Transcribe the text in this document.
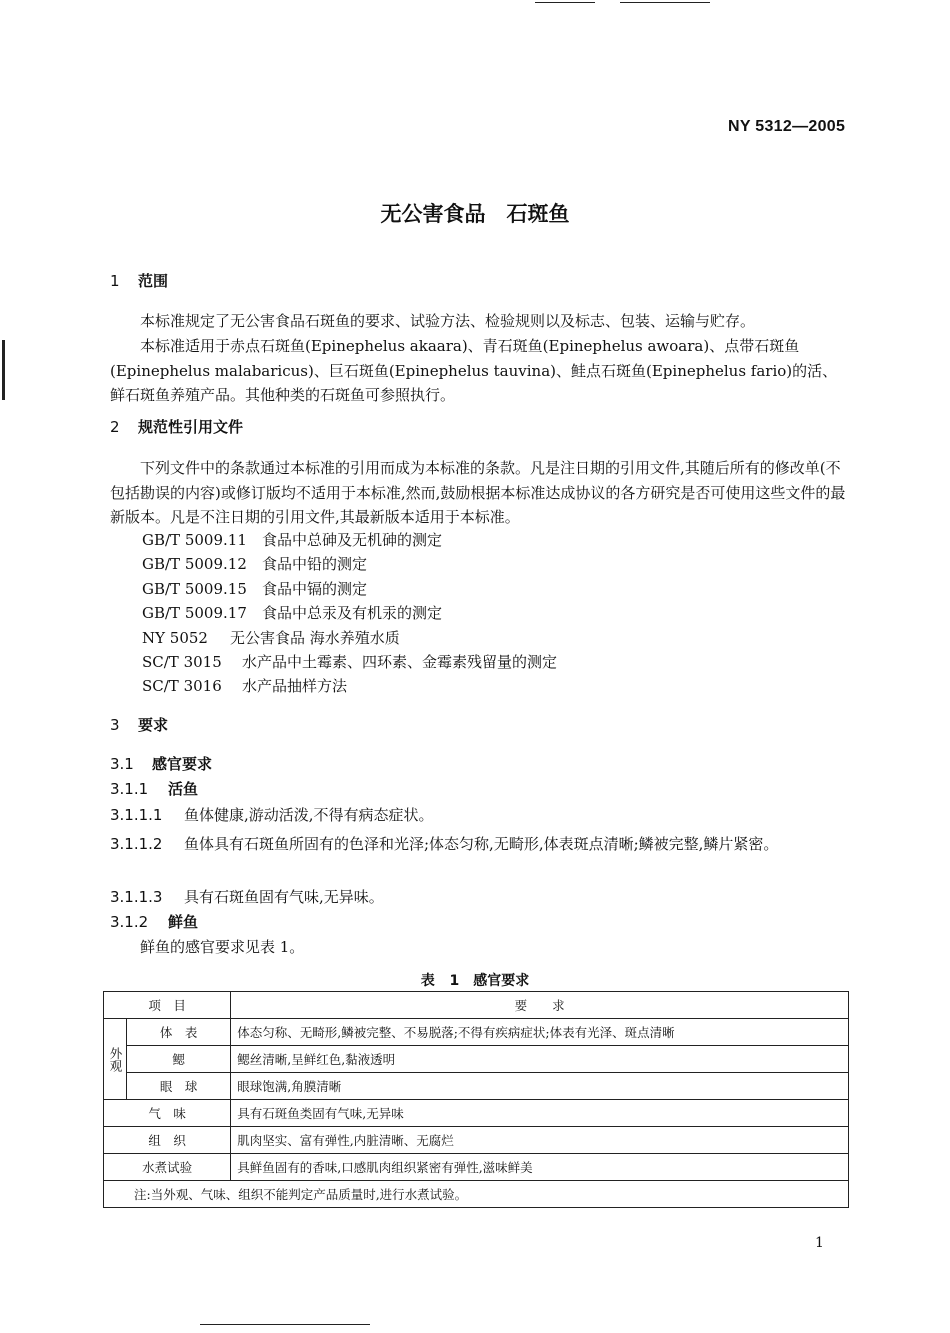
NY 5312—2005
无公害食品　石斑鱼
1 范围
本标准规定了无公害食品石斑鱼的要求、试验方法、检验规则以及标志、包装、运输与贮存。
本标准适用于赤点石斑鱼(Epinephelus akaara)、青石斑鱼(Epinephelus awoara)、点带石斑鱼(Epinephelus malabaricus)、巨石斑鱼(Epinephelus tauvina)、鲑点石斑鱼(Epinephelus fario)的活、鲜石斑鱼养殖产品。其他种类的石斑鱼可参照执行。
2 规范性引用文件
下列文件中的条款通过本标准的引用而成为本标准的条款。凡是注日期的引用文件,其随后所有的修改单(不包括勘误的内容)或修订版均不适用于本标准,然而,鼓励根据本标准达成协议的各方研究是否可使用这些文件的最新版本。凡是不注日期的引用文件,其最新版本适用于本标准。
GB/T 5009.11 食品中总砷及无机砷的测定
GB/T 5009.12 食品中铅的测定
GB/T 5009.15 食品中镉的测定
GB/T 5009.17 食品中总汞及有机汞的测定
NY 5052 无公害食品 海水养殖水质
SC/T 3015 水产品中土霉素、四环素、金霉素残留量的测定
SC/T 3016 水产品抽样方法
3 要求
3.1 感官要求
3.1.1 活鱼
3.1.1.1 鱼体健康,游动活泼,不得有病态症状。
3.1.1.2 鱼体具有石斑鱼所固有的色泽和光泽;体态匀称,无畸形,体表斑点清晰;鳞被完整,鳞片紧密。
3.1.1.3 具有石斑鱼固有气味,无异味。
3.1.2 鲜鱼
鲜鱼的感官要求见表 1。
表 1　感官要求
项　目		要　　求
外观	体　表	体态匀称、无畸形,鳞被完整、不易脱落;不得有疾病症状;体表有光泽、斑点清晰
	鳃	鳃丝清晰,呈鲜红色,黏液透明
	眼　球	眼球饱满,角膜清晰
气　味		具有石斑鱼类固有气味,无异味
组　织		肌肉坚实、富有弹性,内脏清晰、无腐烂
水煮试验		具鲜鱼固有的香味,口感肌肉组织紧密有弹性,滋味鲜美
注:当外观、气味、组织不能判定产品质量时,进行水煮试验。		
1
